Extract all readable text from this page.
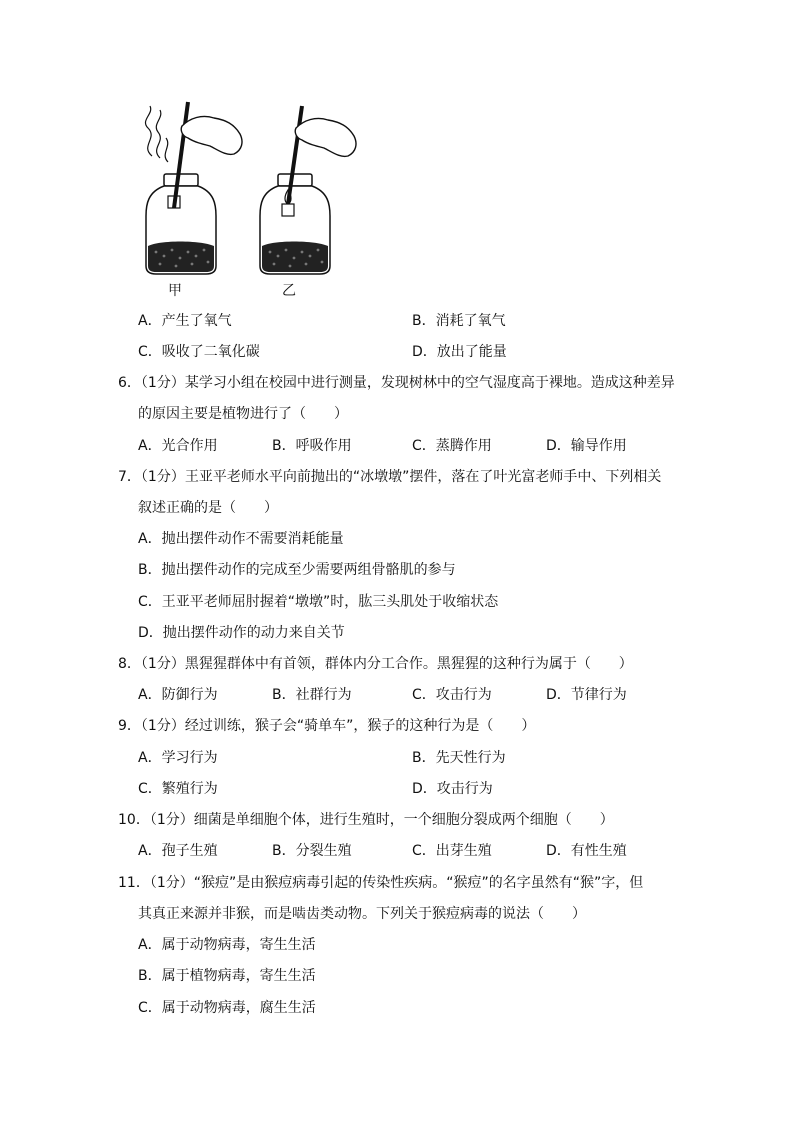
甲	乙
A．产生了氧气	B．消耗了氧气
C．吸收了二氧化碳	D．放出了能量
6．（1分）某学习小组在校园中进行测量，发现树林中的空气湿度高于裸地。造成这种差异
的原因主要是植物进行了（　　）
A．光合作用	B．呼吸作用	C．蒸腾作用	D．输导作用
7．（1分）王亚平老师水平向前抛出的“冰墩墩”摆件，落在了叶光富老师手中、下列相关
叙述正确的是（　　）
A．抛出摆件动作不需要消耗能量
B．抛出摆件动作的完成至少需要两组骨骼肌的参与
C．王亚平老师屈肘握着“墩墩”时，肱三头肌处于收缩状态
D．抛出摆件动作的动力来自关节
8．（1分）黑猩猩群体中有首领，群体内分工合作。黑猩猩的这种行为属于（　　）
A．防御行为	B．社群行为	C．攻击行为	D．节律行为
9．（1分）经过训练，猴子会“骑单车”，猴子的这种行为是（　　）
A．学习行为	B．先天性行为
C．繁殖行为	D．攻击行为
10．（1分）细菌是单细胞个体，进行生殖时，一个细胞分裂成两个细胞（　　）
A．孢子生殖	B．分裂生殖	C．出芽生殖	D．有性生殖
11．（1分）“猴痘”是由猴痘病毒引起的传染性疾病。“猴痘”的名字虽然有“猴”字，但
其真正来源并非猴，而是啮齿类动物。下列关于猴痘病毒的说法（　　）
A．属于动物病毒，寄生生活
B．属于植物病毒，寄生生活
C．属于动物病毒，腐生生活
